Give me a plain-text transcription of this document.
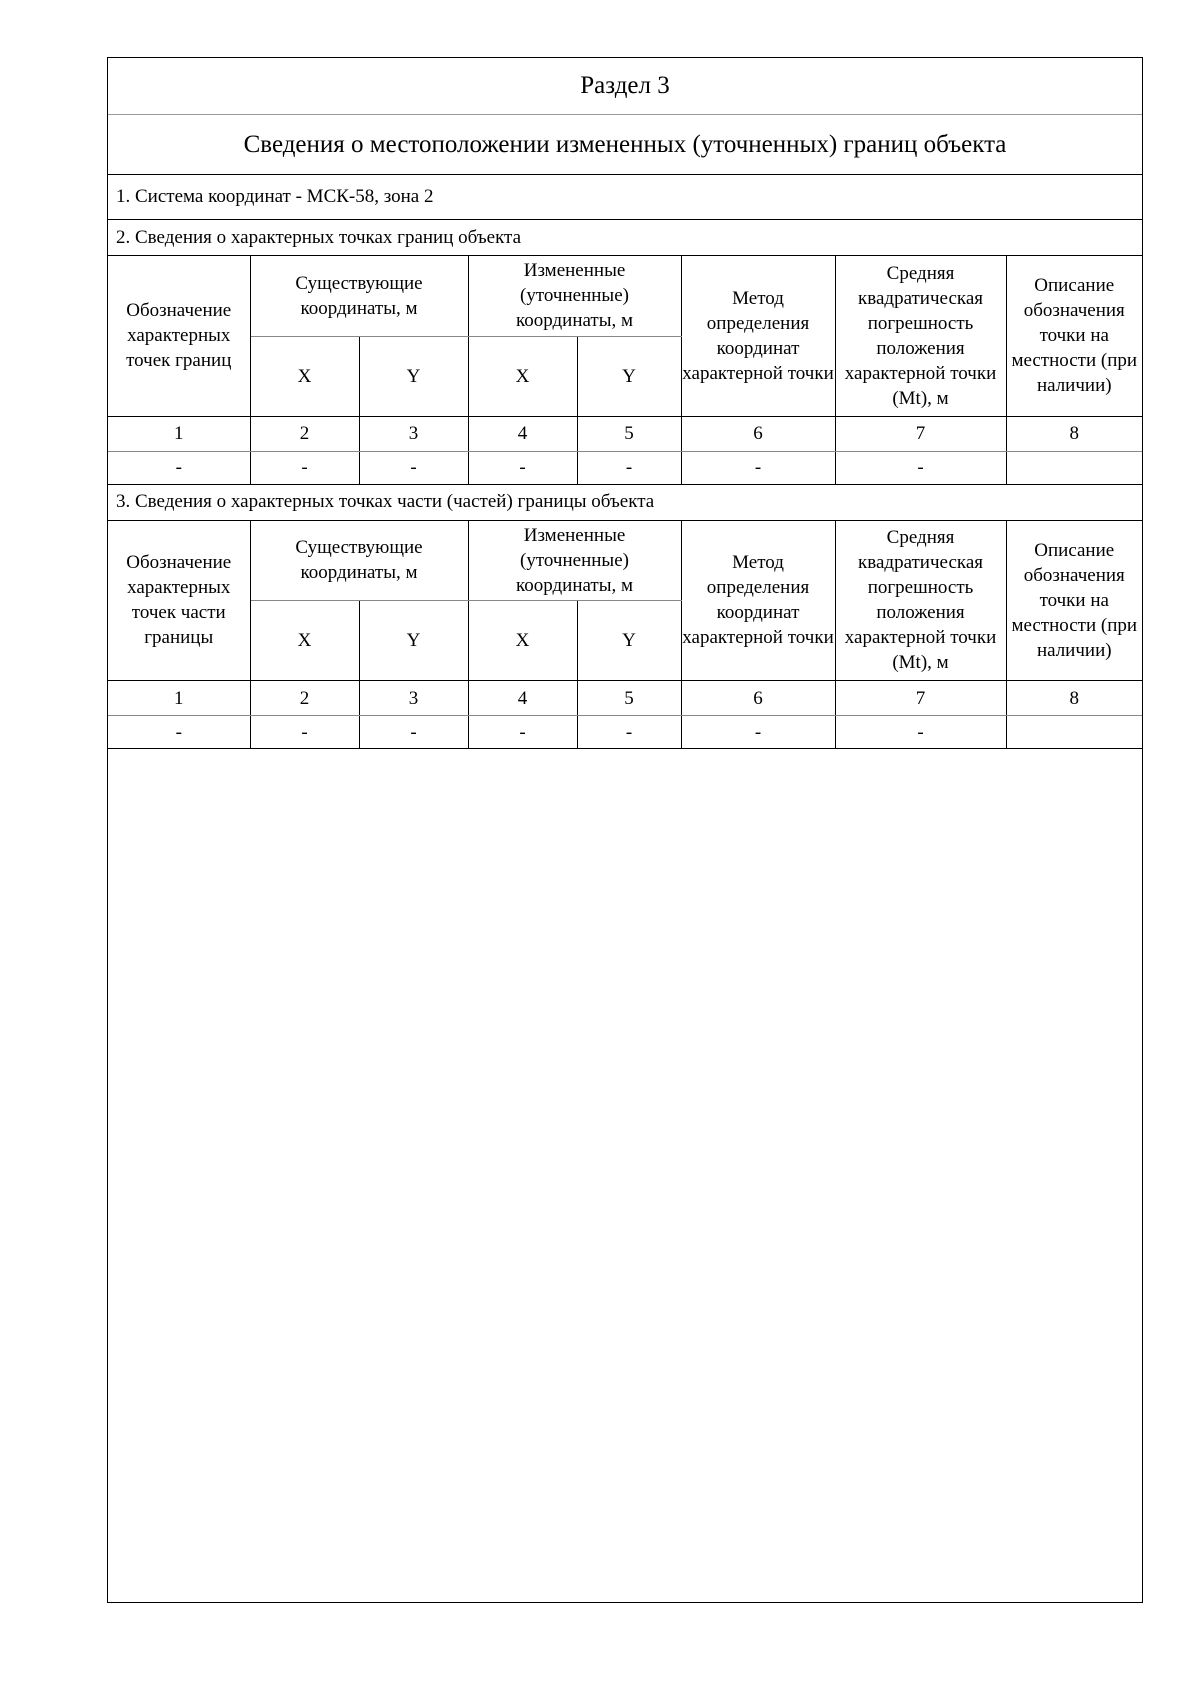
Раздел 3
Сведения о местоположении измененных (уточненных) границ объекта
1. Система координат - МСК-58, зона 2
2. Сведения о характерных точках границ объекта
Обозначение характерных точек границ	Существующие координаты, м		Измененные (уточненные) координаты, м		Метод определения координат характерной точки	Средняя квадратическая погрешность положения характерной точки (Mt), м	Описание обозначения точки на местности (при наличии)
	X	Y	X	Y			
1	2	3	4	5	6	7	8
-	-	-	-	-	-	-	
3. Сведения о характерных точках части (частей) границы объекта
Обозначение характерных точек части границы	Существующие координаты, м		Измененные (уточненные) координаты, м		Метод определения координат характерной точки	Средняя квадратическая погрешность положения характерной точки (Mt), м	Описание обозначения точки на местности (при наличии)
	X	Y	X	Y			
1	2	3	4	5	6	7	8
-	-	-	-	-	-	-	
